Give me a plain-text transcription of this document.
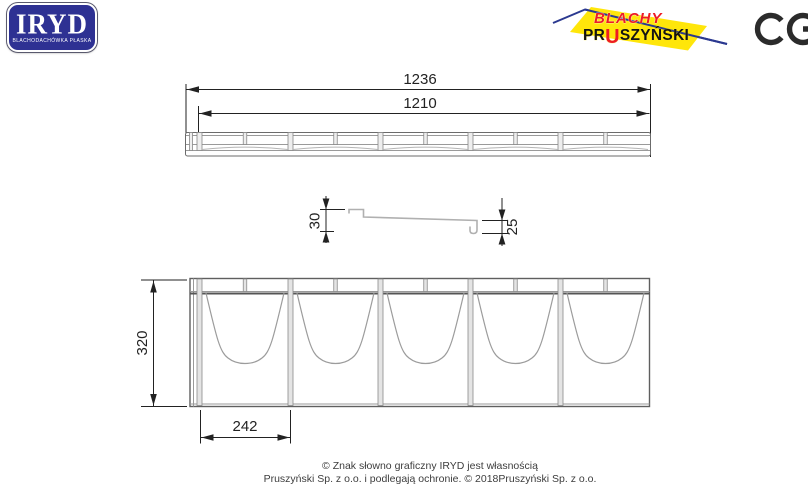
IRYD
BLACHODACHÓWKA PŁASKA
BLACHY
PRUSZYŃSKI
1236
1210
30	25
320
242
© Znak słowno graficzny IRYD jest własnością
Pruszyński Sp. z o.o. i podlegają ochronie. © 2018Pruszyński Sp. z o.o.
